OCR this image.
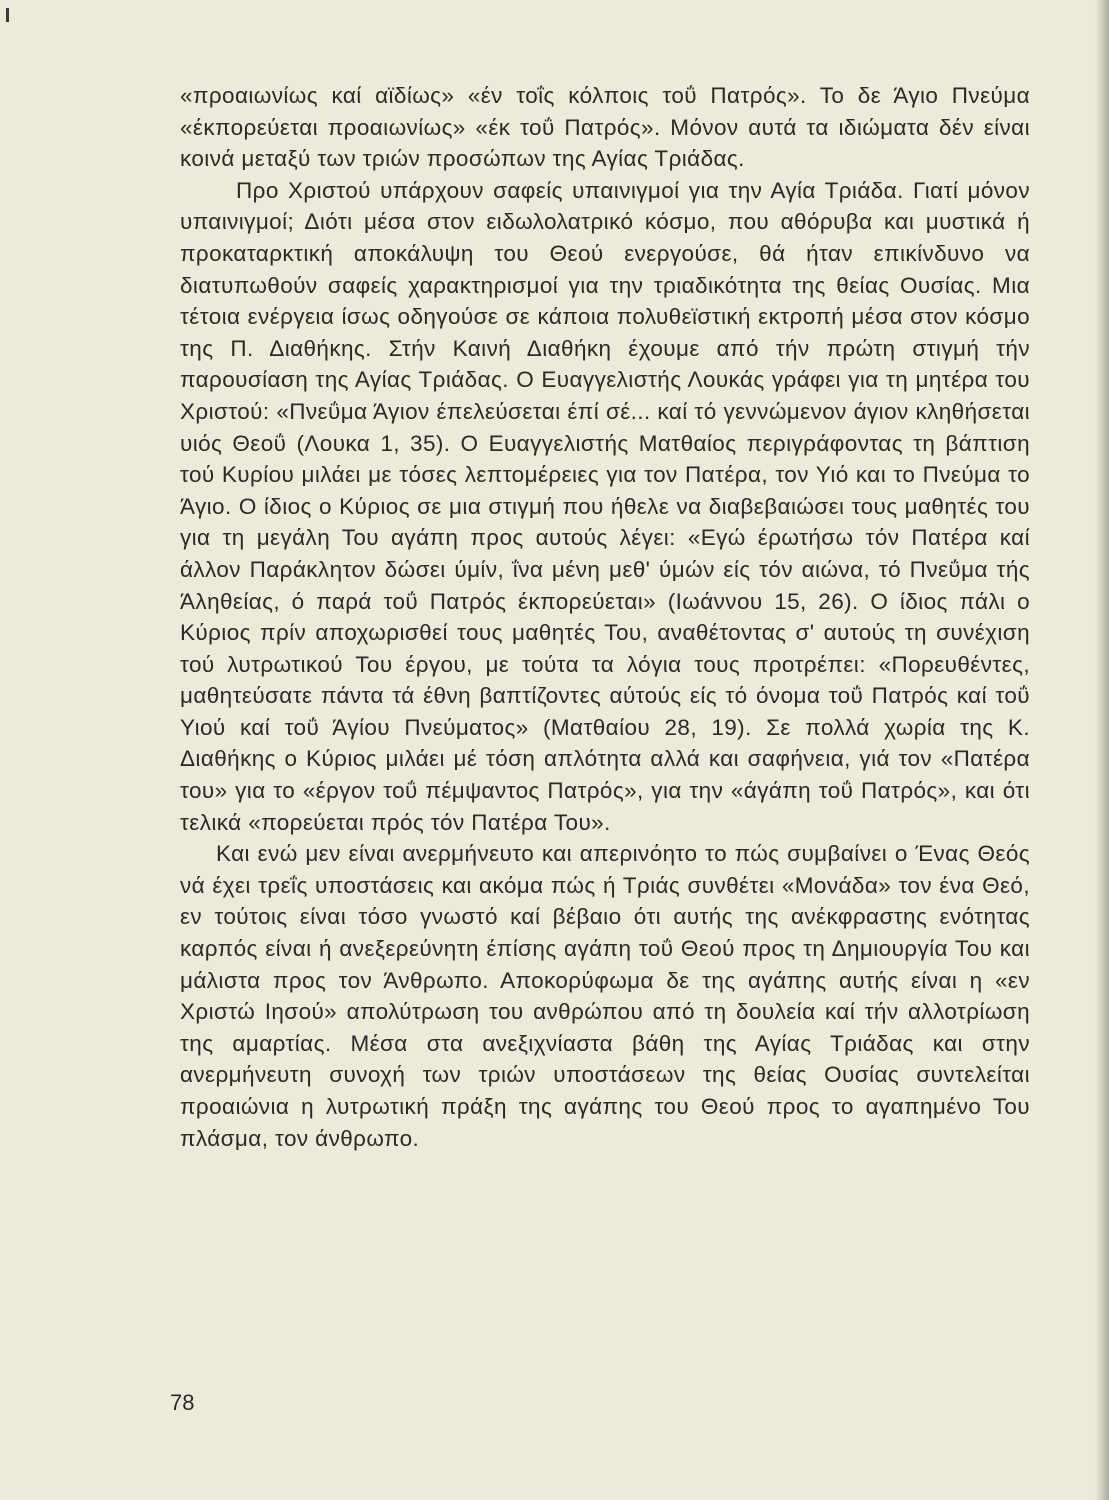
«προαιωνίως καί αϊδίως» «έν τοΐς κόλποις τοΰ Πατρός». Το δε Άγιο Πνεύμα «έκπορεύεται προαιωνίως» «έκ τοΰ Πατρός». Μόνον αυτά τα ιδιώματα δέν είναι κοινά μεταξύ των τριών προσώπων της Αγίας Τριάδας.

Προ Χριστού υπάρχουν σαφείς υπαινιγμοί για την Αγία Τριάδα. Γιατί μόνον υπαινιγμοί; Διότι μέσα στον ειδωλολατρικό κόσμο, που αθόρυβα και μυστικά ή προκαταρκτική αποκάλυψη του Θεού ενεργούσε, θά ήταν επικίνδυνο να διατυπωθούν σαφείς χαρακτηρισμοί για την τριαδικότητα της θείας Ουσίας. Μια τέτοια ενέργεια ίσως οδηγούσε σε κάποια πολυθεϊστική εκτροπή μέσα στον κόσμο της Π. Διαθήκης. Στήν Καινή Διαθήκη έχουμε από τήν πρώτη στιγμή τήν παρουσίαση της Αγίας Τριάδας. Ο Ευαγγελιστής Λουκάς γράφει για τη μητέρα του Χριστού: «Πνεΰμα Άγιον έπελεύσεται έπί σέ... καί τό γεννώμενον άγιον κληθήσεται υιός Θεοΰ (Λουκα 1, 35). Ο Ευαγγελιστής Ματθαίος περιγράφοντας τη βάπτιση τού Κυρίου μιλάει με τόσες λεπτομέρειες για τον Πατέρα, τον Υιό και το Πνεύμα το Άγιο. Ο ίδιος ο Κύριος σε μια στιγμή που ήθελε να διαβεβαιώσει τους μαθητές του για τη μεγάλη Του αγάπη προς αυτούς λέγει: «Εγώ έρωτήσω τόν Πατέρα καί άλλον Παράκλητον δώσει ύμίν, ΐνα μένη μεθ' ύμών είς τόν αιώνα, τό Πνεΰμα τής Άληθείας, ό παρά τοΰ Πατρός έκπορεύεται» (Ιωάννου 15, 26). Ο ίδιος πάλι ο Κύριος πρίν αποχωρισθεί τους μαθητές Του, αναθέτοντας σ' αυτούς τη συνέχιση τού λυτρωτικού Του έργου, με τούτα τα λόγια τους προτρέπει: «Πορευθέντες, μαθητεύσατε πάντα τά έθνη βαπτίζοντες αύτούς είς τό όνομα τοΰ Πατρός καί τοΰ Υιού καί τοΰ Άγίου Πνεύματος» (Ματθαίου 28, 19). Σε πολλά χωρία της Κ. Διαθήκης ο Κύριος μιλάει μέ τόση απλότητα αλλά και σαφήνεια, γιά τον «Πατέρα του» για το «έργον τοΰ πέμψαντος Πατρός», για την «άγάπη τοΰ Πατρός», και ότι τελικά «πορεύεται πρός τόν Πατέρα Του».

Και ενώ μεν είναι ανερμήνευτο και απερινόητο το πώς συμβαίνει ο Ένας Θεός νά έχει τρεΐς υποστάσεις και ακόμα πώς ή Τριάς συνθέτει «Μονάδα» τον ένα Θεό, εν τούτοις είναι τόσο γνωστό καί βέβαιο ότι αυτής της ανέκφραστης ενότητας καρπός είναι ή ανεξερεύνητη έπίσης αγάπη τοΰ Θεού προς τη Δημιουργία Του και μάλιστα προς τον Άνθρωπο. Αποκορύφωμα δε της αγάπης αυτής είναι η «εν Χριστώ Ιησού» απολύτρωση του ανθρώπου από τη δουλεία καί τήν αλλοτρίωση της αμαρτίας. Μέσα στα ανεξιχνίαστα βάθη της Αγίας Τριάδας και στην ανερμήνευτη συνοχή των τριών υποστάσεων της θείας Ουσίας συντελείται προαιώνια η λυτρωτική πράξη της αγάπης του Θεού προς το αγαπημένο Του πλάσμα, τον άνθρωπο.

78
